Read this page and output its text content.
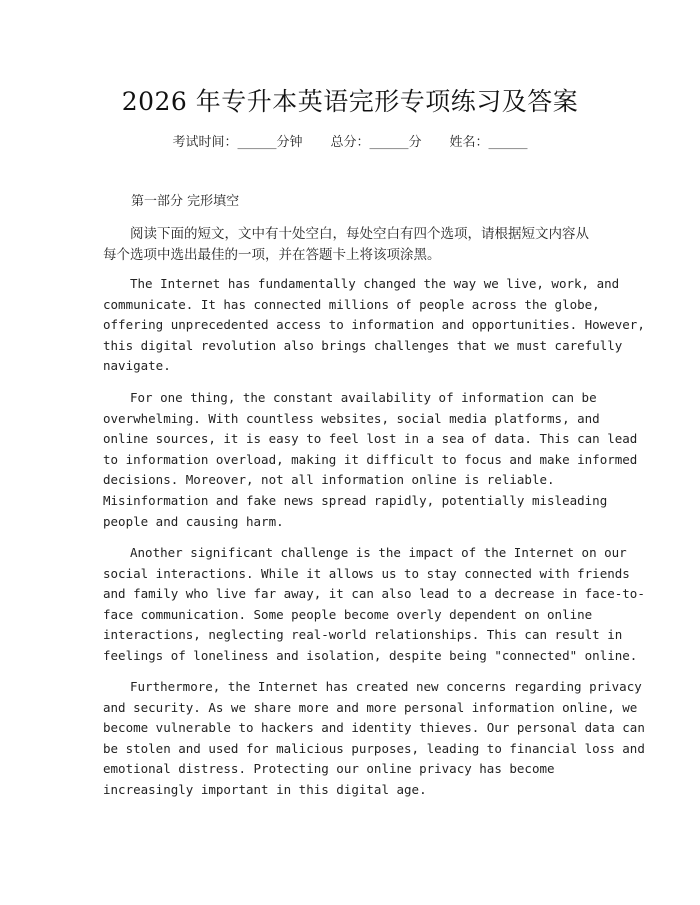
2026 年专升本英语完形专项练习及答案
考试时间：______分钟 总分：______分 姓名：______
第一部分 完形填空
阅读下面的短文，文中有十处空白，每处空白有四个选项，请根据短文内容从
每个选项中选出最佳的一项，并在答题卡上将该项涂黑。
The Internet has fundamentally changed the way we live, work, and
communicate. It has connected millions of people across the globe,
offering unprecedented access to information and opportunities. However,
this digital revolution also brings challenges that we must carefully
navigate.
For one thing, the constant availability of information can be
overwhelming. With countless websites, social media platforms, and
online sources, it is easy to feel lost in a sea of data. This can lead
to information overload, making it difficult to focus and make informed
decisions. Moreover, not all information online is reliable.
Misinformation and fake news spread rapidly, potentially misleading
people and causing harm.
Another significant challenge is the impact of the Internet on our
social interactions. While it allows us to stay connected with friends
and family who live far away, it can also lead to a decrease in face-to-
face communication. Some people become overly dependent on online
interactions, neglecting real-world relationships. This can result in
feelings of loneliness and isolation, despite being "connected" online.
Furthermore, the Internet has created new concerns regarding privacy
and security. As we share more and more personal information online, we
become vulnerable to hackers and identity thieves. Our personal data can
be stolen and used for malicious purposes, leading to financial loss and
emotional distress. Protecting our online privacy has become
increasingly important in this digital age.
